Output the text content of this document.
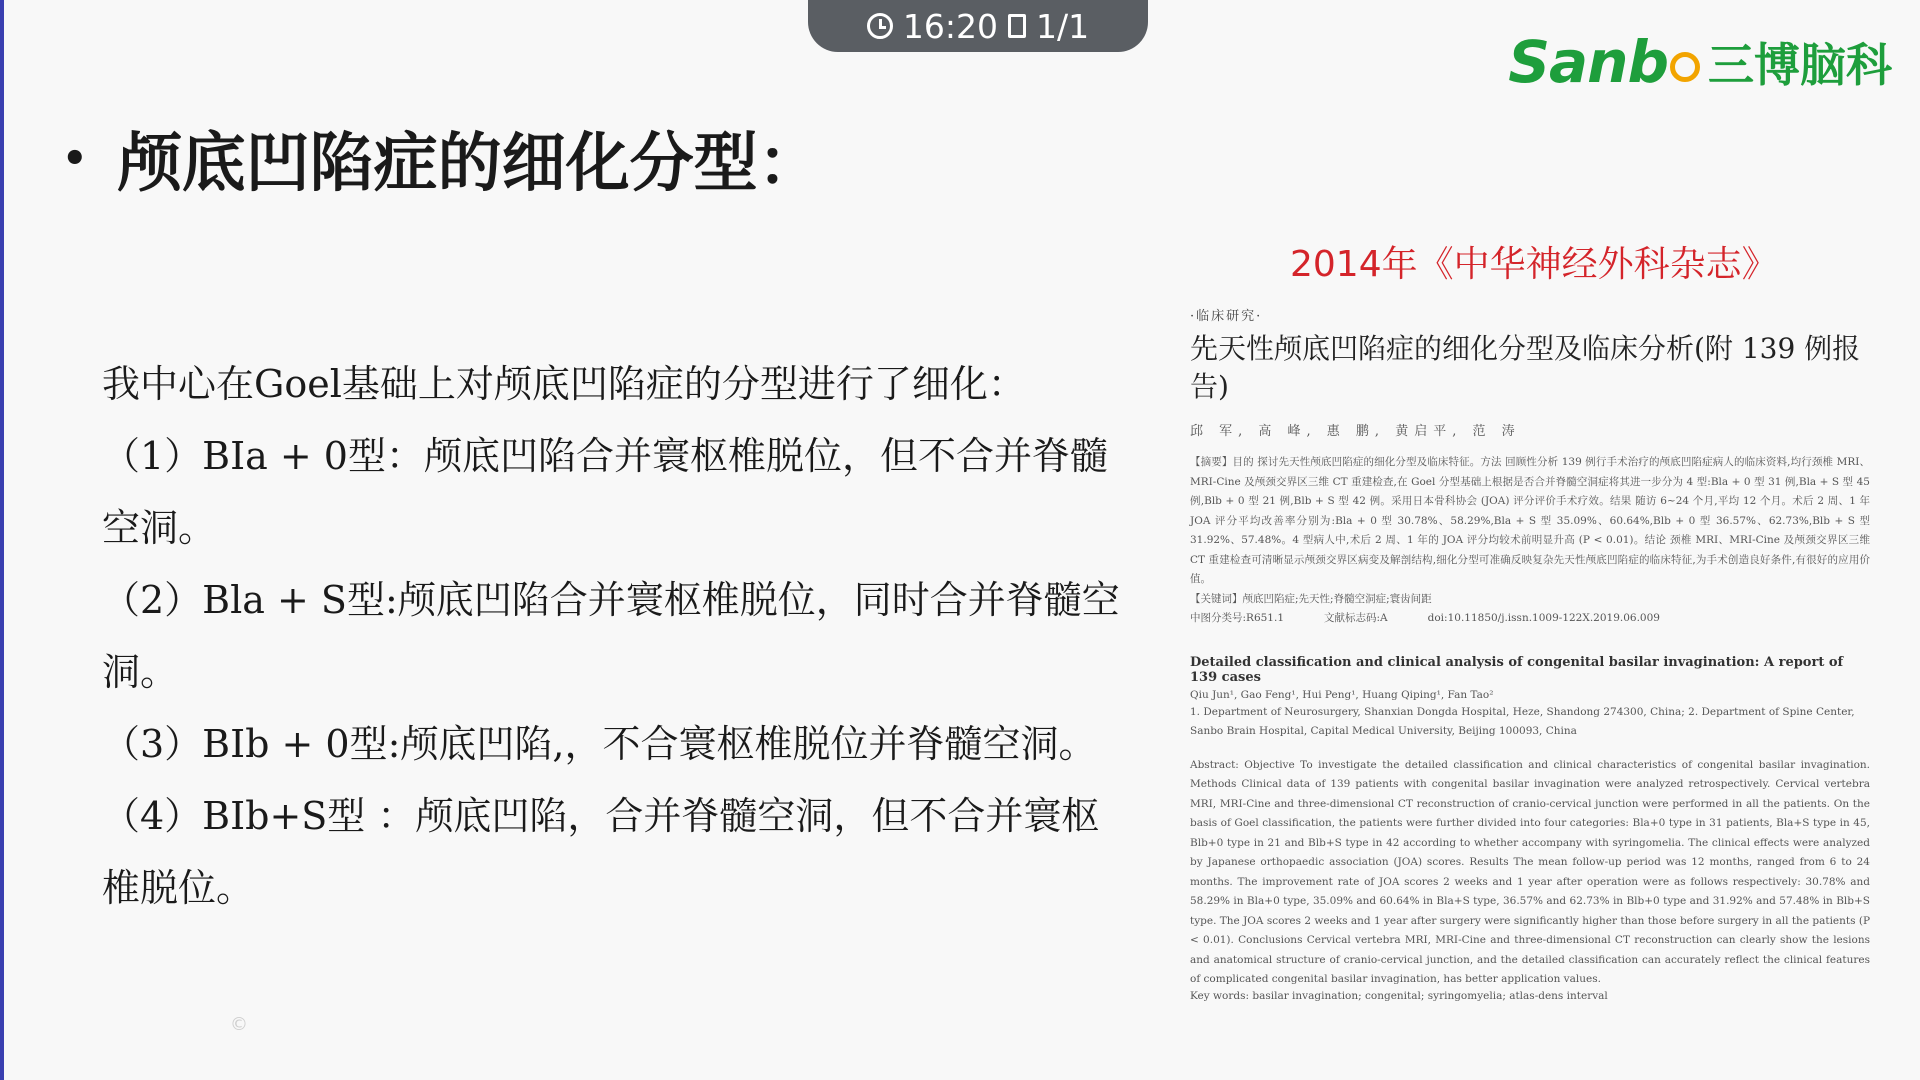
16:20 1/1
Sanb 三博脑科
• 颅底凹陷症的细化分型：

我中心在Goel基础上对颅底凹陷症的分型进行了细化：

（1）BIa + 0型：颅底凹陷合并寰枢椎脱位，但不合并脊髓空洞。

（2）Bla + S型:颅底凹陷合并寰枢椎脱位，同时合并脊髓空洞。

（3）BIb + 0型:颅底凹陷,，不合寰枢椎脱位并脊髓空洞。

（4）BIb+S型 ：颅底凹陷，合并脊髓空洞，但不合并寰枢椎脱位。

2014年《中华神经外科杂志》
·临床研究·
先天性颅底凹陷症的细化分型及临床分析(附 139 例报告)
邱 军, 高 峰, 惠 鹏, 黄启平, 范 涛
【摘要】目的 探讨先天性颅底凹陷症的细化分型及临床特征。方法 回顾性分析 139 例行手术治疗的颅底凹陷症病人的临床资料,均行颈椎 MRI、MRI-Cine 及颅颈交界区三维 CT 重建检查,在 Goel 分型基础上根据是否合并脊髓空洞症将其进一步分为 4 型:Bla + 0 型 31 例,Bla + S 型 45 例,Blb + 0 型 21 例,Blb + S 型 42 例。采用日本骨科协会 (JOA) 评分评价手术疗效。结果 随访 6~24 个月,平均 12 个月。术后 2 周、1 年 JOA 评分平均改善率分别为:Bla + 0 型 30.78%、58.29%,Bla + S 型 35.09%、60.64%,Blb + 0 型 36.57%、62.73%,Blb + S 型 31.92%、57.48%。4 型病人中,术后 2 周、1 年的 JOA 评分均较术前明显升高 (P < 0.01)。结论 颈椎 MRI、MRI-Cine 及颅颈交界区三维 CT 重建检查可清晰显示颅颈交界区病变及解剖结构,细化分型可准确反映复杂先天性颅底凹陷症的临床特征,为手术创造良好条件,有很好的应用价值。
【关键词】颅底凹陷症;先天性;脊髓空洞症;寰齿间距
中图分类号:R651.1	文献标志码:A	doi:10.11850/j.issn.1009-122X.2019.06.009
Detailed classification and clinical analysis of congenital basilar invagination: A report of 139 cases
Qiu Jun¹, Gao Feng¹, Hui Peng¹, Huang Qiping¹, Fan Tao²
1. Department of Neurosurgery, Shanxian Dongda Hospital, Heze, Shandong 274300, China; 2. Department of Spine Center, Sanbo Brain Hospital, Capital Medical University, Beijing 100093, China
Abstract: Objective To investigate the detailed classification and clinical characteristics of congenital basilar invagination. Methods Clinical data of 139 patients with congenital basilar invagination were analyzed retrospectively. Cervical vertebra MRI, MRI-Cine and three-dimensional CT reconstruction of cranio-cervical junction were performed in all the patients. On the basis of Goel classification, the patients were further divided into four categories: Bla+0 type in 31 patients, Bla+S type in 45, Blb+0 type in 21 and Blb+S type in 42 according to whether accompany with syringomelia. The clinical effects were analyzed by Japanese orthopaedic association (JOA) scores. Results The mean follow-up period was 12 months, ranged from 6 to 24 months. The improvement rate of JOA scores 2 weeks and 1 year after operation were as follows respectively: 30.78% and 58.29% in Bla+0 type, 35.09% and 60.64% in Bla+S type, 36.57% and 62.73% in Blb+0 type and 31.92% and 57.48% in Blb+S type. The JOA scores 2 weeks and 1 year after surgery were significantly higher than those before surgery in all the patients (P < 0.01). Conclusions Cervical vertebra MRI, MRI-Cine and three-dimensional CT reconstruction can clearly show the lesions and anatomical structure of cranio-cervical junction, and the detailed classification can accurately reflect the clinical features of complicated congenital basilar invagination, has better application values.
Key words: basilar invagination; congenital; syringomyelia; atlas-dens interval
©
